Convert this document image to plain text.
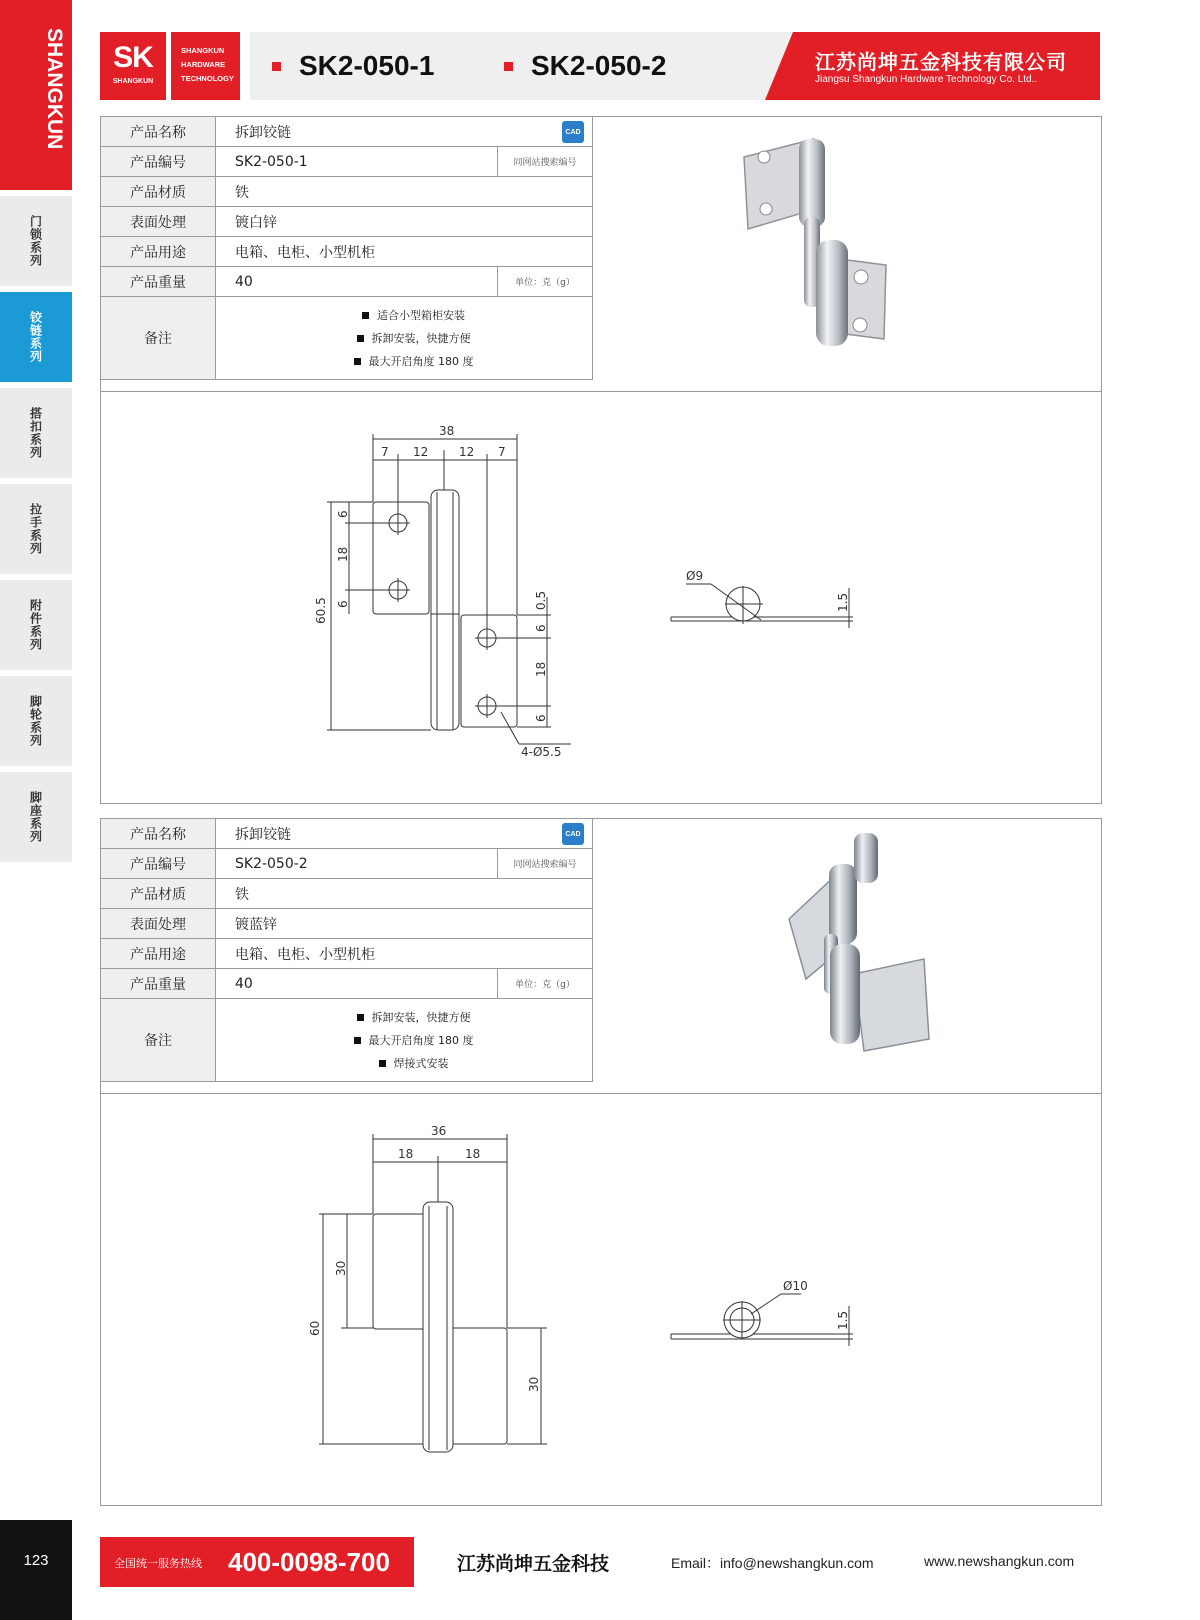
SHANGKUN
门锁系列
铰链系列
搭扣系列
拉手系列
附件系列
脚轮系列
脚座系列
123
SK
SHANGKUN
SHANGKUN
HARDWARE
TECHNOLOGY SK2-050-1	SK2-050-2	江苏尚坤五金科技有限公司
Jiangsu Shangkun Hardware Technology Co. Ltd..
产品名称	拆卸铰链	CAD
产品编号	SK2-050-1	同网站搜索编号
产品材质	铁
表面处理	镀白锌
产品用途	电箱、电柜、小型机柜
产品重量	40	单位：克（g）
备注
适合小型箱柜安装
拆卸安装，快捷方便
最大开启角度 180 度
38
7 12	12 7
60.5
6
18
6	0.5
6
18
6
4-Ø5.5
Ø9
1.5
产品名称	拆卸铰链	CAD
产品编号	SK2-050-2	同网站搜索编号
产品材质	铁
表面处理	镀蓝锌
产品用途	电箱、电柜、小型机柜
产品重量	40	单位：克（g）
备注
拆卸安装，快捷方便
最大开启角度 180 度
焊接式安装
36
18	18
60
30
30
Ø10
1.5
全国统一服务热线 400-0098-700	江苏尚坤五金科技	Email：info@newshangkun.com	www.newshangkun.com
